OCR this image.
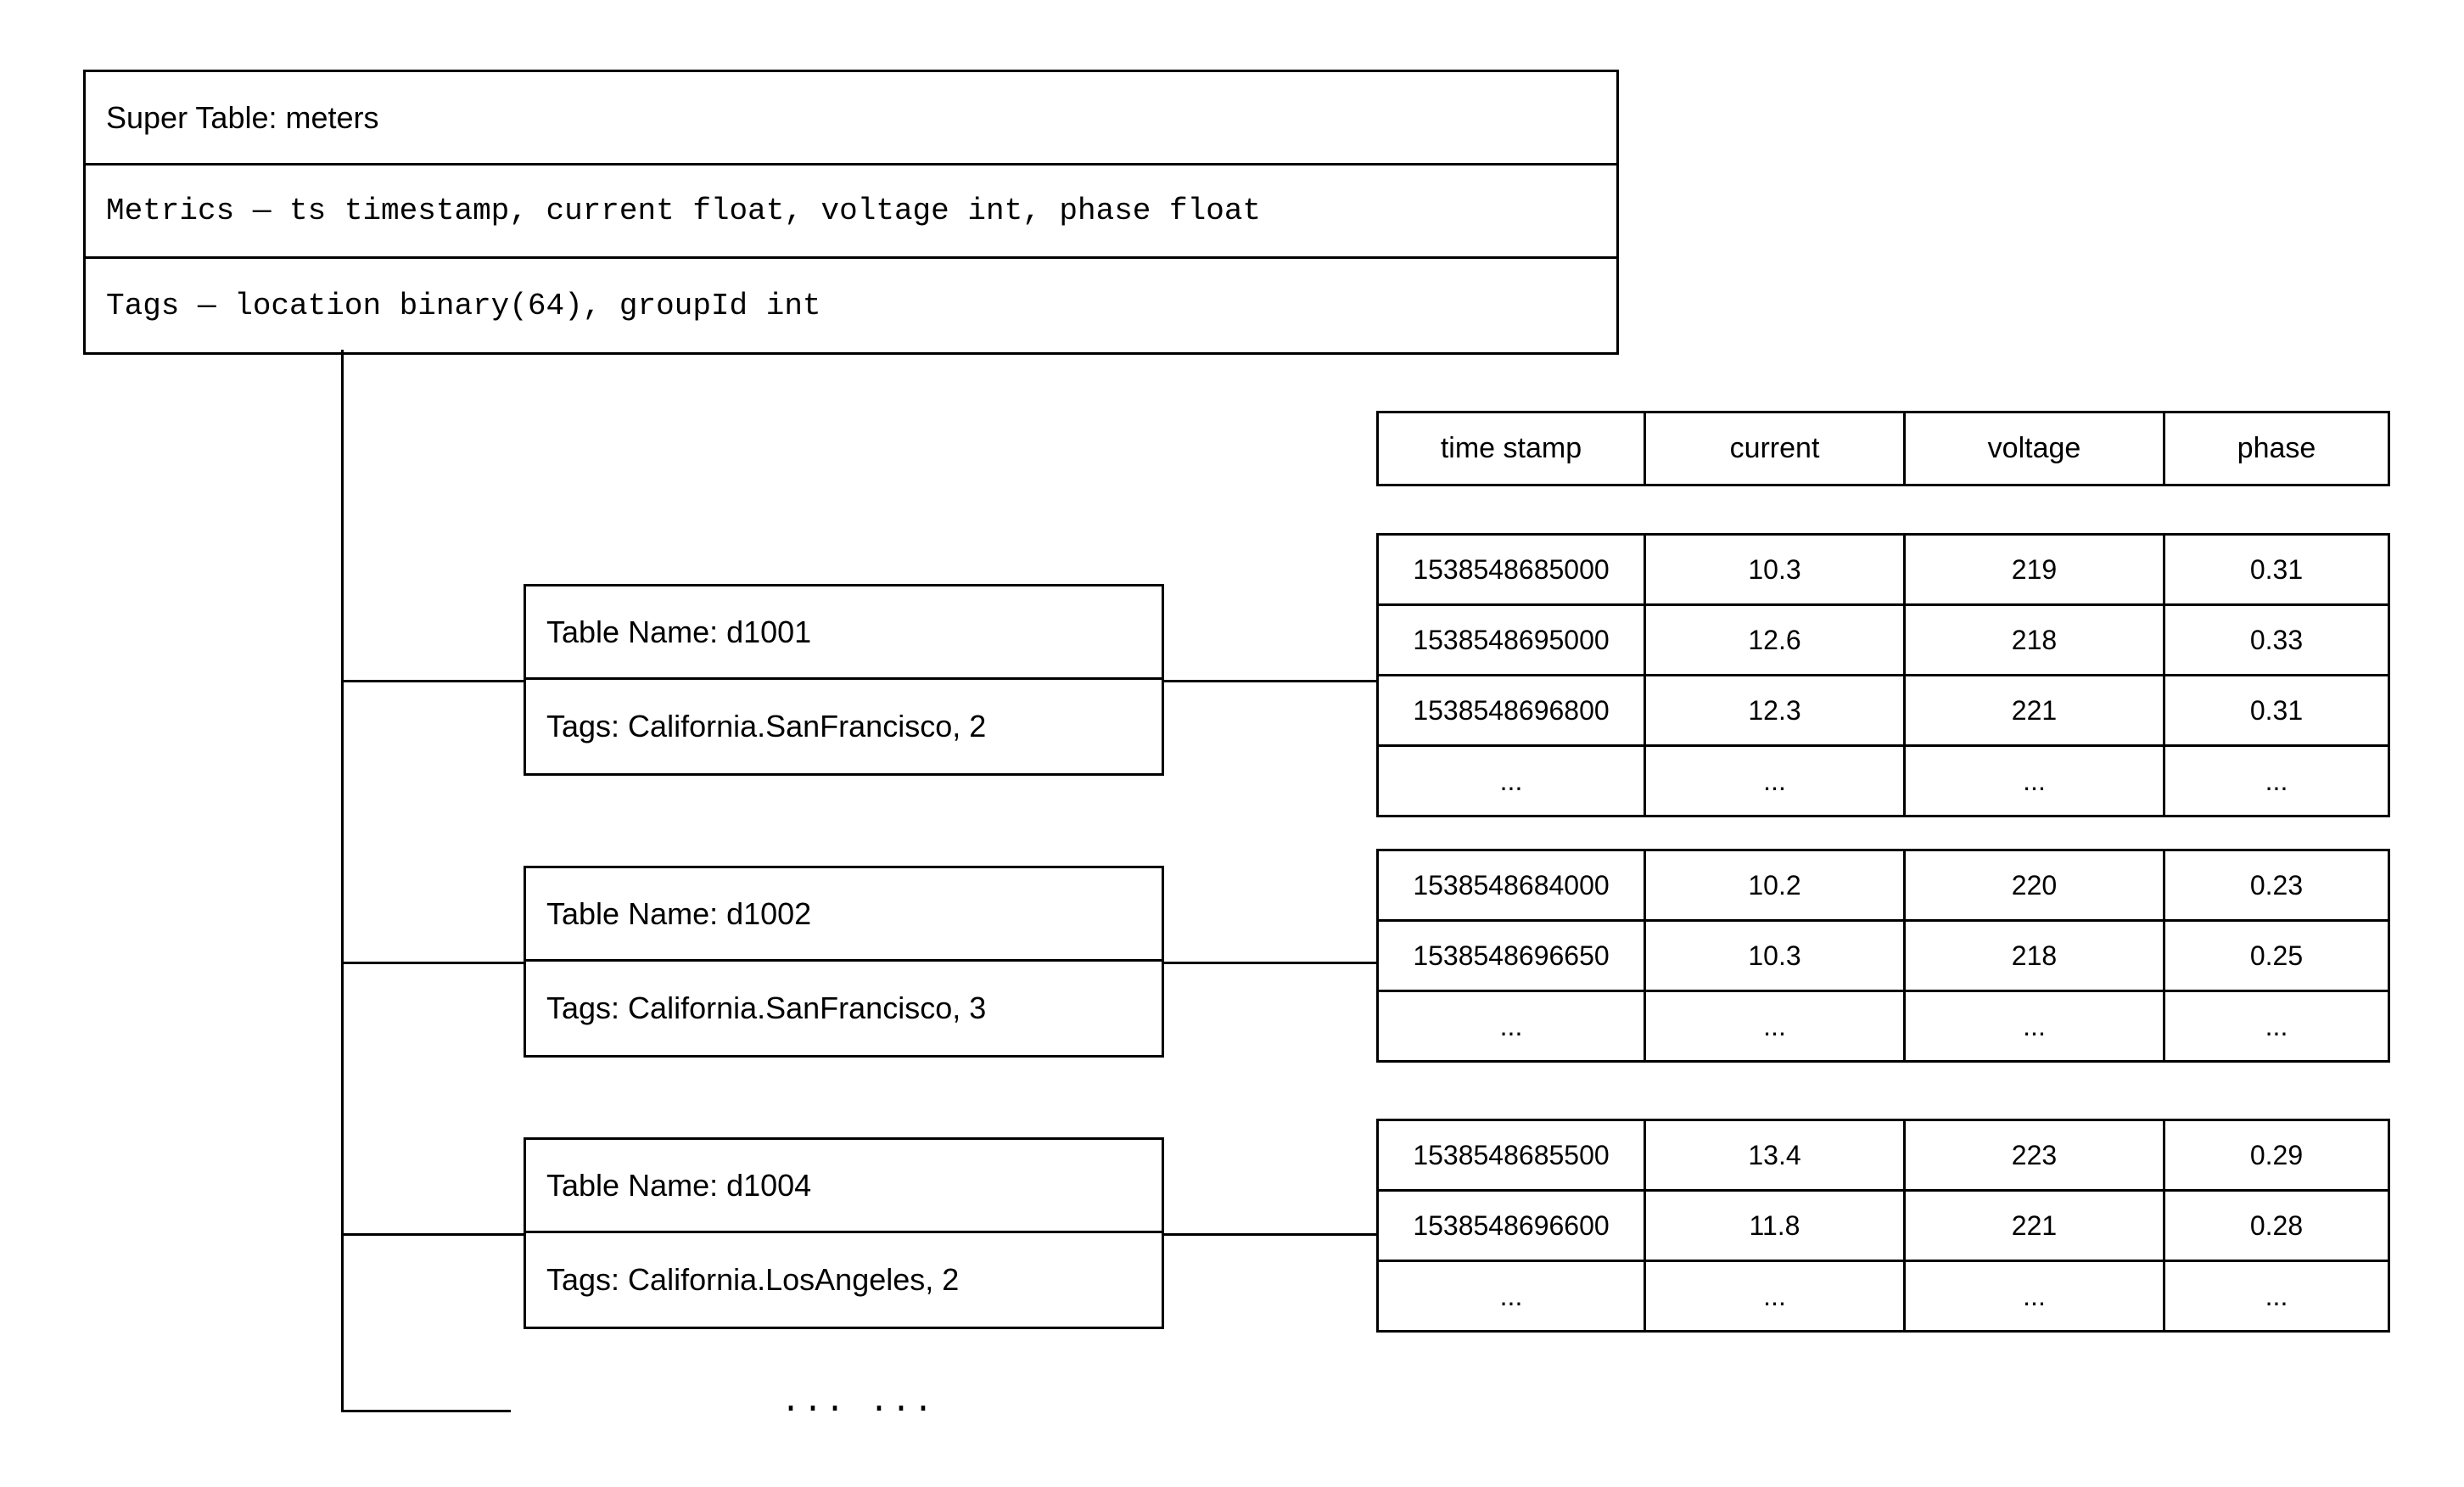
Super Table: meters
Metrics — ts timestamp, current float, voltage int, phase float
Tags — location binary(64), groupId int
... ...
Table Name: d1001
Tags: California.SanFrancisco, 2
Table Name: d1002
Tags: California.SanFrancisco, 3
Table Name: d1004
Tags: California.LosAngeles, 2
time stamp	current	voltage	phase
1538548685000	10.3	219	0.31
1538548695000	12.6	218	0.33
1538548696800	12.3	221	0.31
...	...	...	...
1538548684000	10.2	220	0.23
1538548696650	10.3	218	0.25
...	...	...	...
1538548685500	13.4	223	0.29
1538548696600	11.8	221	0.28
...	...	...	...
